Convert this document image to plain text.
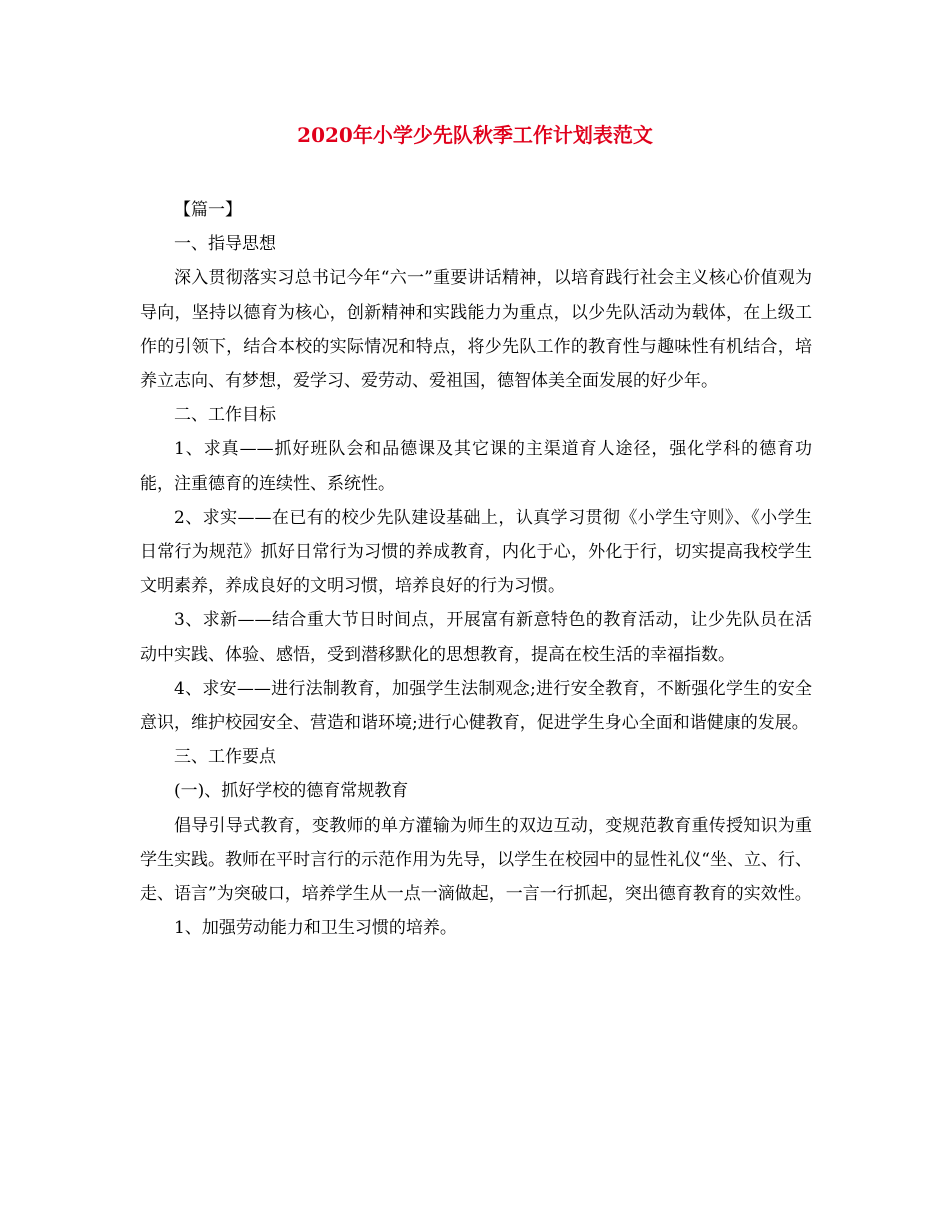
2020年小学少先队秋季工作计划表范文

【篇一】

一、指导思想

深入贯彻落实习总书记今年“六一”重要讲话精神，以培育践行社会主义核心价值观为导向，坚持以德育为核心，创新精神和实践能力为重点，以少先队活动为载体，在上级工作的引领下，结合本校的实际情况和特点，将少先队工作的教育性与趣味性有机结合，培养立志向、有梦想，爱学习、爱劳动、爱祖国，德智体美全面发展的好少年。

二、工作目标

1、求真——抓好班队会和品德课及其它课的主渠道育人途径，强化学科的德育功能，注重德育的连续性、系统性。

2、求实——在已有的校少先队建设基础上，认真学习贯彻《小学生守则》、《小学生日常行为规范》抓好日常行为习惯的养成教育，内化于心，外化于行，切实提高我校学生文明素养，养成良好的文明习惯，培养良好的行为习惯。

3、求新——结合重大节日时间点，开展富有新意特色的教育活动，让少先队员在活动中实践、体验、感悟，受到潜移默化的思想教育，提高在校生活的幸福指数。

4、求安——进行法制教育，加强学生法制观念;进行安全教育，不断强化学生的安全意识，维护校园安全、营造和谐环境;进行心健教育，促进学生身心全面和谐健康的发展。

三、工作要点

(一)、抓好学校的德育常规教育

倡导引导式教育，变教师的单方灌输为师生的双边互动，变规范教育重传授知识为重学生实践。教师在平时言行的示范作用为先导，以学生在校园中的显性礼仪“坐、立、行、走、语言”为突破口，培养学生从一点一滴做起，一言一行抓起，突出德育教育的实效性。

1、加强劳动能力和卫生习惯的培养。
